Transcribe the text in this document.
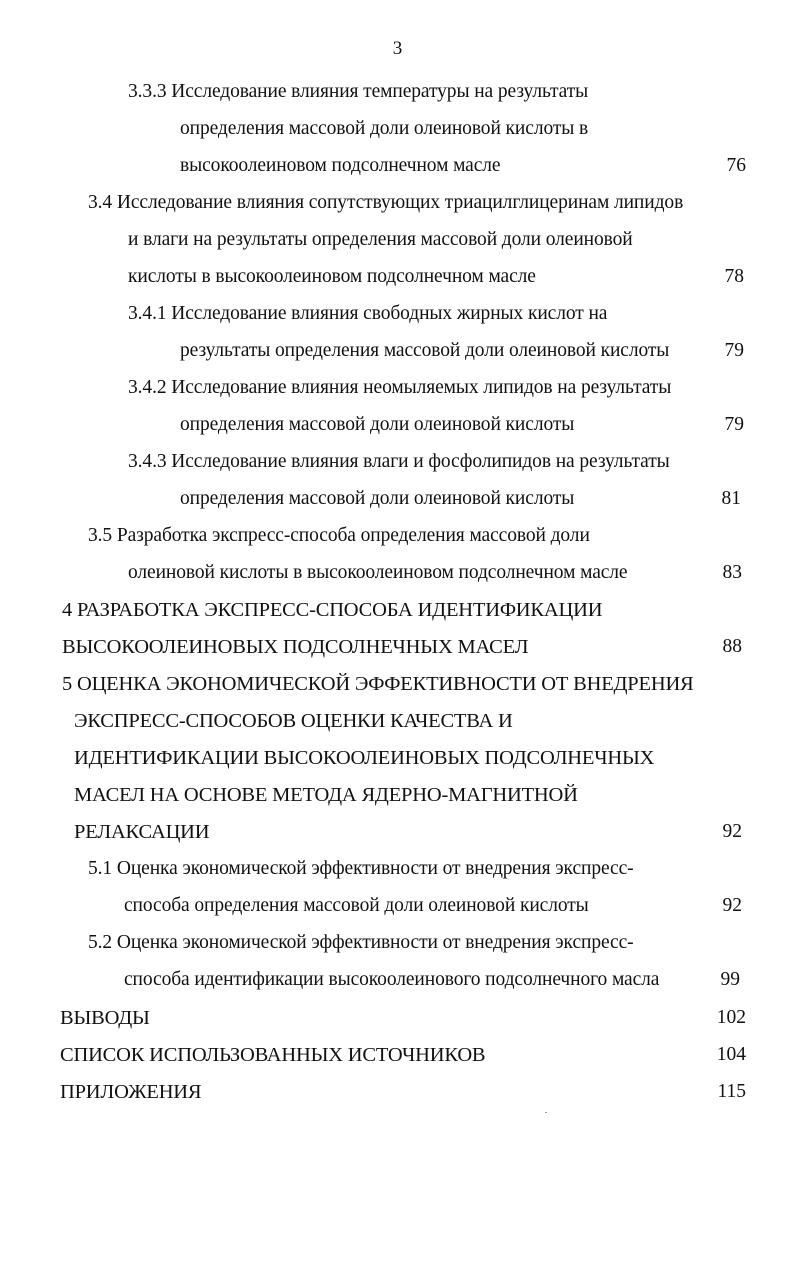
3
3.3.3 Исследование влияния температуры на результаты
определения массовой доли олеиновой кислоты в
высокоолеиновом подсолнечном масле	76
3.4 Исследование влияния сопутствующих триацилглицеринам липидов
и влаги на результаты определения массовой доли олеиновой
кислоты в высокоолеиновом подсолнечном масле	78
3.4.1 Исследование влияния свободных жирных кислот на
результаты определения массовой доли олеиновой кислоты	79
3.4.2 Исследование влияния неомыляемых липидов на результаты
определения массовой доли олеиновой кислоты	79
3.4.3 Исследование влияния влаги и фосфолипидов на результаты
определения массовой доли олеиновой кислоты	81
3.5 Разработка экспресс-способа определения массовой доли
олеиновой кислоты в высокоолеиновом подсолнечном масле	83
4 РАЗРАБОТКА ЭКСПРЕСС-СПОСОБА ИДЕНТИФИКАЦИИ
ВЫСОКООЛЕИНОВЫХ ПОДСОЛНЕЧНЫХ МАСЕЛ	88
5 ОЦЕНКА ЭКОНОМИЧЕСКОЙ ЭФФЕКТИВНОСТИ ОТ ВНЕДРЕНИЯ
ЭКСПРЕСС-СПОСОБОВ ОЦЕНКИ КАЧЕСТВА И
ИДЕНТИФИКАЦИИ ВЫСОКООЛЕИНОВЫХ ПОДСОЛНЕЧНЫХ
МАСЕЛ НА ОСНОВЕ МЕТОДА ЯДЕРНО-МАГНИТНОЙ
РЕЛАКСАЦИИ	92
5.1 Оценка экономической эффективности от внедрения экспресс-
способа определения массовой доли олеиновой кислоты	92
5.2 Оценка экономической эффективности от внедрения экспресс-
способа идентификации высокоолеинового подсолнечного масла	99
ВЫВОДЫ	102
СПИСОК ИСПОЛЬЗОВАННЫХ ИСТОЧНИКОВ	104
ПРИЛОЖЕНИЯ	115
